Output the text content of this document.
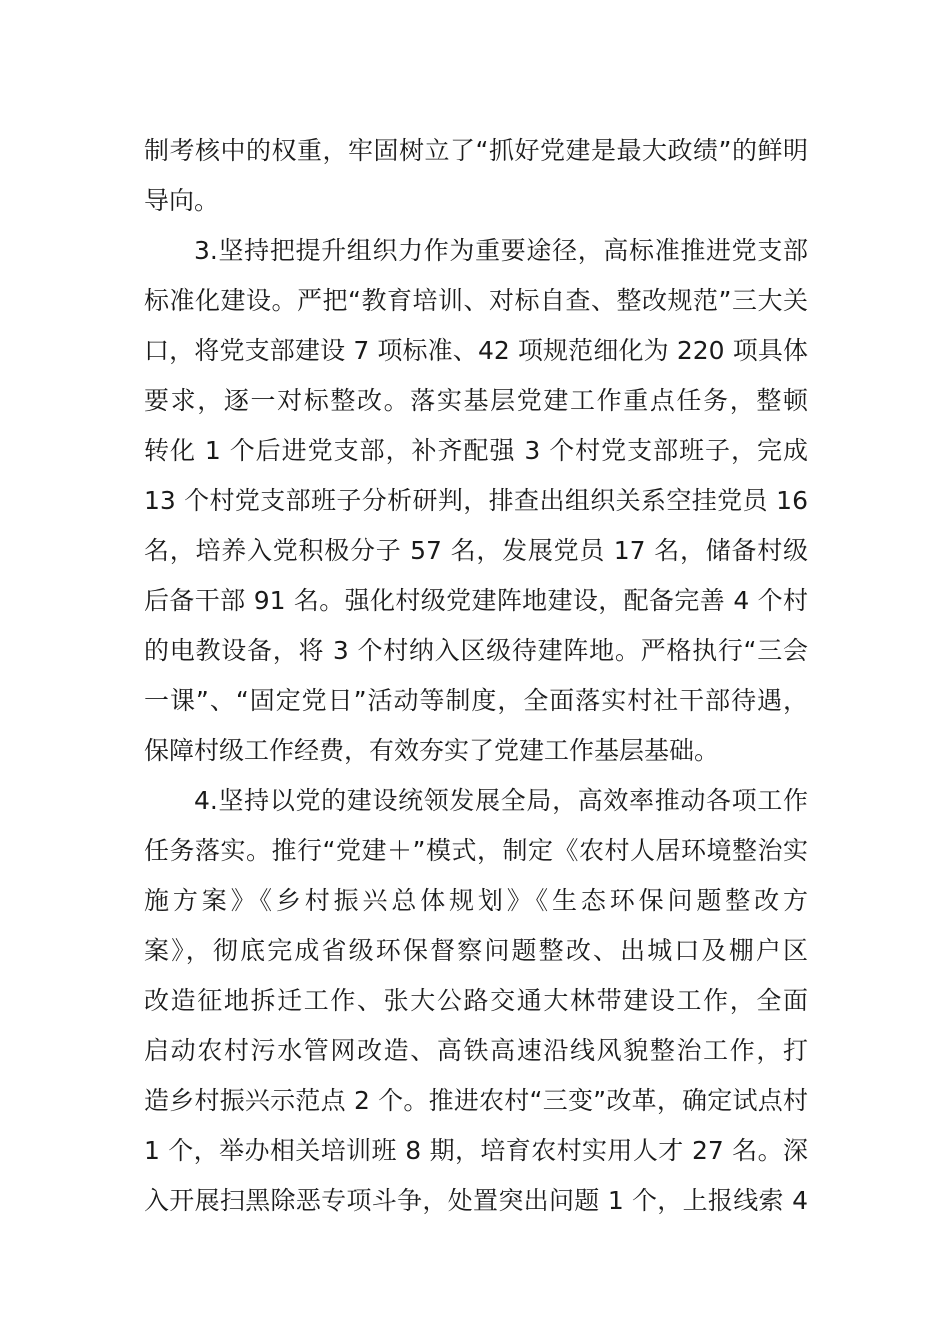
制考核中的权重，牢固树立了“抓好党建是最大政绩”的鲜明
导向。
3.坚持把提升组织力作为重要途径，高标准推进党支部
标准化建设。严把“教育培训、对标自查、整改规范”三大关
口，将党支部建设 7 项标准、42 项规范细化为 220 项具体
要求，逐一对标整改。落实基层党建工作重点任务，整顿
转化 1 个后进党支部，补齐配强 3 个村党支部班子，完成
13 个村党支部班子分析研判，排查出组织关系空挂党员 16
名，培养入党积极分子 57 名，发展党员 17 名，储备村级
后备干部 91 名。强化村级党建阵地建设，配备完善 4 个村
的电教设备，将 3 个村纳入区级待建阵地。严格执行“三会
一课”、“固定党日”活动等制度，全面落实村社干部待遇，
保障村级工作经费，有效夯实了党建工作基层基础。
4.坚持以党的建设统领发展全局，高效率推动各项工作
任务落实。推行“党建＋”模式，制定《农村人居环境整治实
施方案》《乡村振兴总体规划》《生态环保问题整改方
案》，彻底完成省级环保督察问题整改、出城口及棚户区
改造征地拆迁工作、张大公路交通大林带建设工作，全面
启动农村污水管网改造、高铁高速沿线风貌整治工作，打
造乡村振兴示范点 2 个。推进农村“三变”改革，确定试点村
1 个，举办相关培训班 8 期，培育农村实用人才 27 名。深
入开展扫黑除恶专项斗争，处置突出问题 1 个，上报线索 4
